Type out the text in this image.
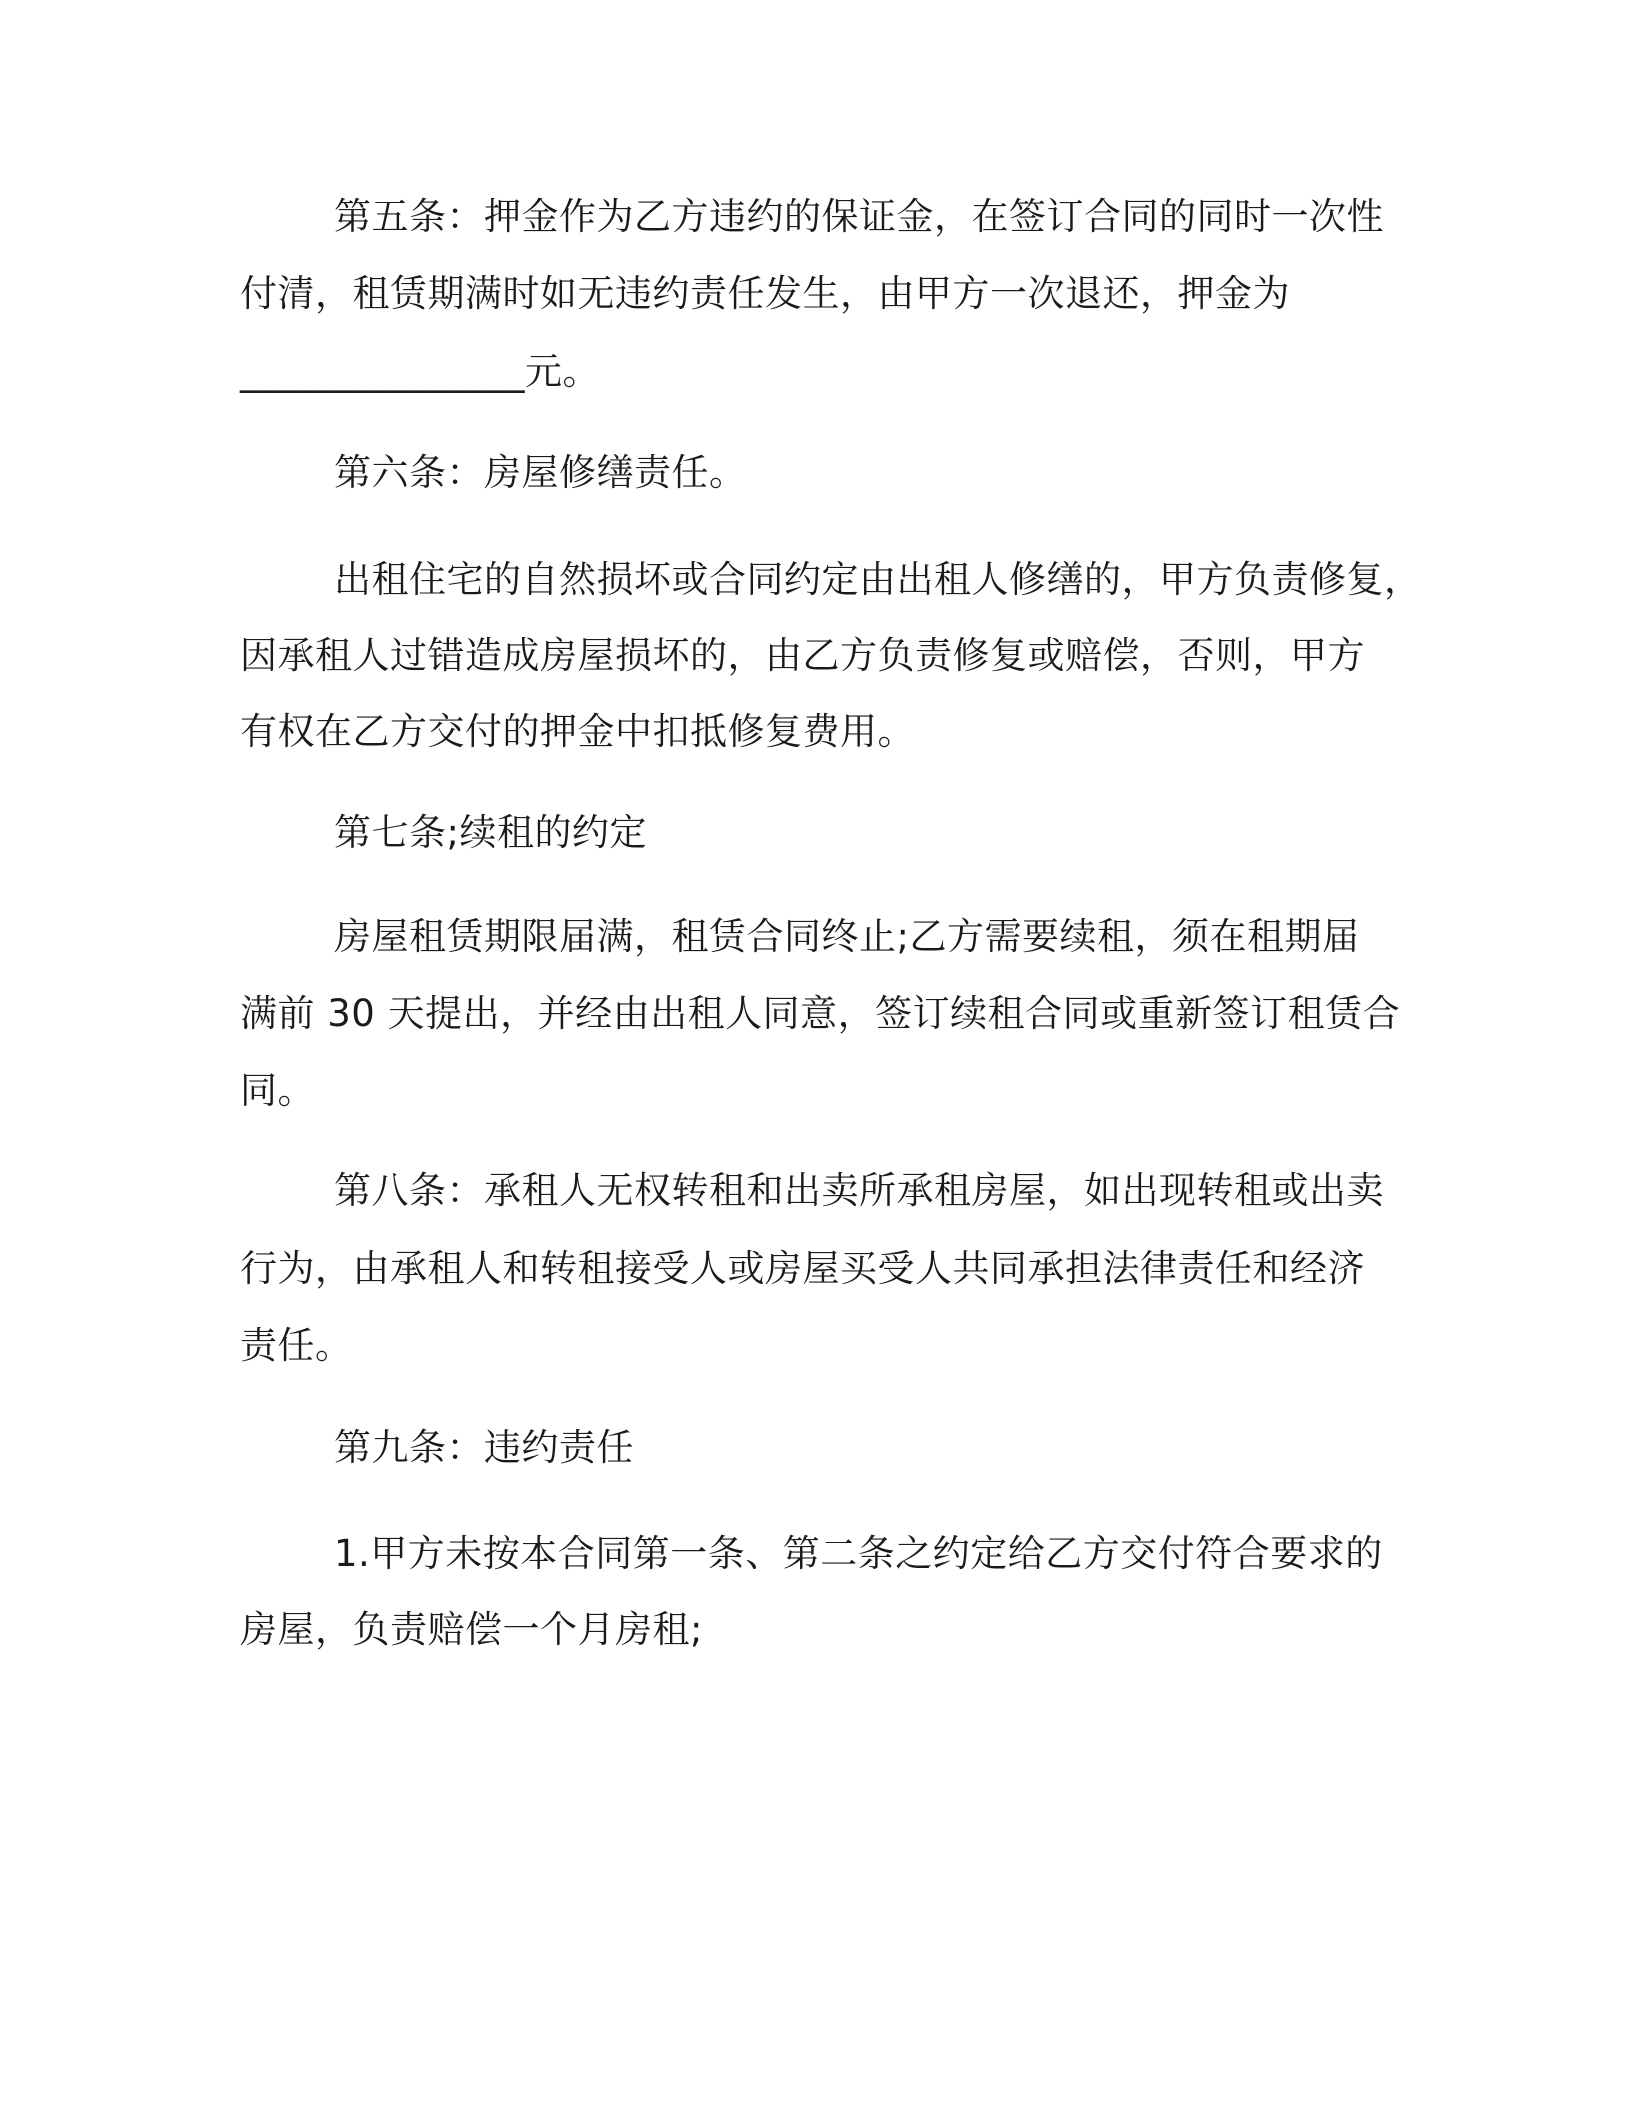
第五条：押金作为乙方违约的保证金，在签订合同的同时一次性
付清，租赁期满时如无违约责任发生，由甲方一次退还，押金为
_______________元。
第六条：房屋修缮责任。
出租住宅的自然损坏或合同约定由出租人修缮的，甲方负责修复，
因承租人过错造成房屋损坏的，由乙方负责修复或赔偿，否则，甲方
有权在乙方交付的押金中扣抵修复费用。
第七条;续租的约定
房屋租赁期限届满，租赁合同终止;乙方需要续租，须在租期届
满前 30 天提出，并经由出租人同意，签订续租合同或重新签订租赁合
同。
第八条：承租人无权转租和出卖所承租房屋，如出现转租或出卖
行为，由承租人和转租接受人或房屋买受人共同承担法律责任和经济
责任。
第九条：违约责任
1.甲方未按本合同第一条、第二条之约定给乙方交付符合要求的
房屋，负责赔偿一个月房租;
